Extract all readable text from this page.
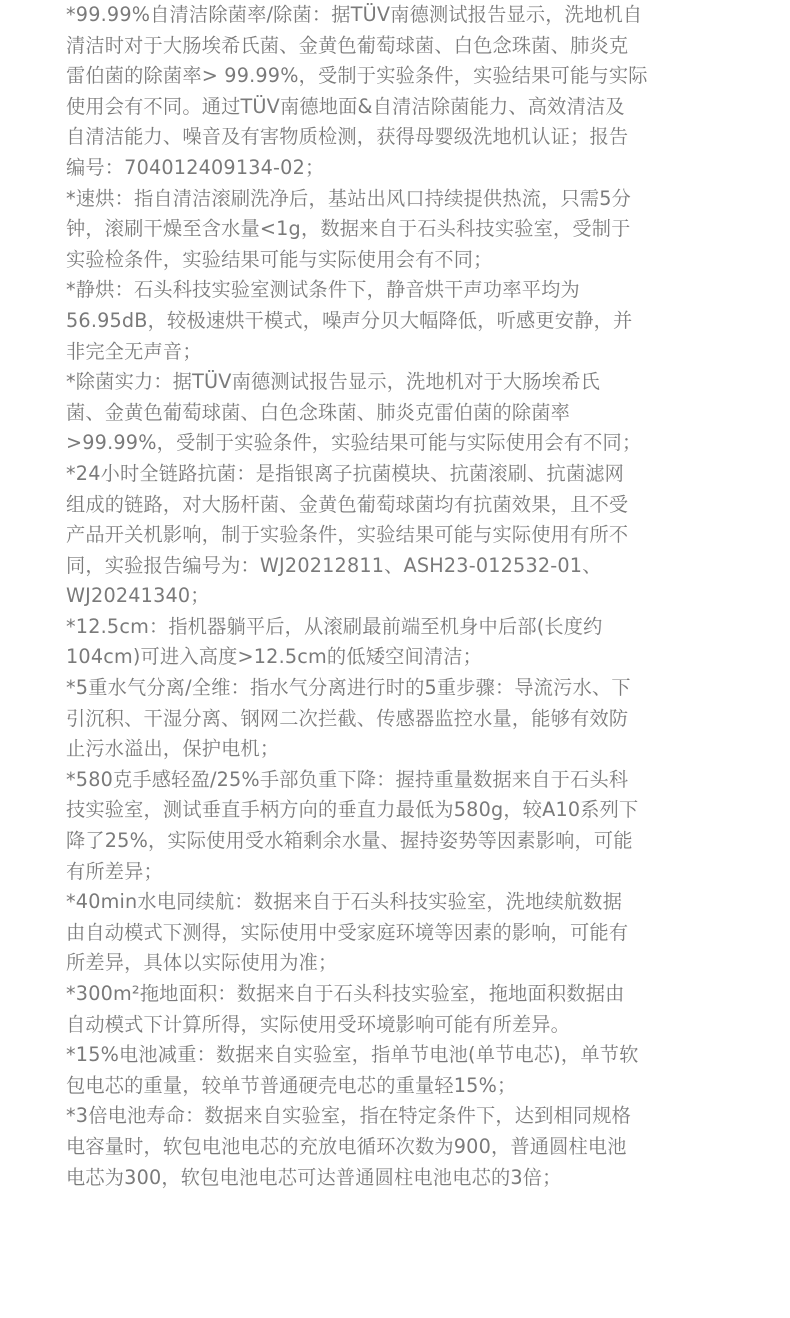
*99.99%自清洁除菌率/除菌：据TÜV南德测试报告显示，洗地机自
清洁时对于大肠埃希氏菌、金黄色葡萄球菌、白色念珠菌、肺炎克
雷伯菌的除菌率> 99.99%，受制于实验条件，实验结果可能与实际
使用会有不同。通过TÜV南德地面&自清洁除菌能力、高效清洁及
自清洁能力、噪音及有害物质检测，获得母婴级洗地机认证；报告
编号：704012409134-02；
*速烘：指自清洁滚刷洗净后，基站出风口持续提供热流，只需5分
钟，滚刷干燥至含水量<1g，数据来自于石头科技实验室，受制于
实验检条件，实验结果可能与实际使用会有不同；
*静烘：石头科技实验室测试条件下，静音烘干声功率平均为
56.95dB，较极速烘干模式，噪声分贝大幅降低，听感更安静，并
非完全无声音；
*除菌实力：据TÜV南德测试报告显示，洗地机对于大肠埃希氏
菌、金黄色葡萄球菌、白色念珠菌、肺炎克雷伯菌的除菌率
>99.99%，受制于实验条件，实验结果可能与实际使用会有不同；
*24小时全链路抗菌：是指银离子抗菌模块、抗菌滚刷、抗菌滤网
组成的链路，对大肠杆菌、金黄色葡萄球菌均有抗菌效果，且不受
产品开关机影响，制于实验条件，实验结果可能与实际使用有所不
同，实验报告编号为：WJ20212811、ASH23-012532-01、
WJ20241340；
*12.5cm：指机器躺平后，从滚刷最前端至机身中后部(长度约
104cm)可进入高度>12.5cm的低矮空间清洁；
*5重水气分离/全维：指水气分离进行时的5重步骤：导流污水、下
引沉积、干湿分离、钢网二次拦截、传感器监控水量，能够有效防
止污水溢出，保护电机；
*580克手感轻盈/25%手部负重下降：握持重量数据来自于石头科
技实验室，测试垂直手柄方向的垂直力最低为580g，较A10系列下
降了25%，实际使用受水箱剩余水量、握持姿势等因素影响，可能
有所差异；
*40min水电同续航：数据来自于石头科技实验室，洗地续航数据
由自动模式下测得，实际使用中受家庭环境等因素的影响，可能有
所差异，具体以实际使用为准；
*300m²拖地面积：数据来自于石头科技实验室，拖地面积数据由
自动模式下计算所得，实际使用受环境影响可能有所差异。
*15%电池减重：数据来自实验室，指单节电池(单节电芯)，单节软
包电芯的重量，较单节普通硬壳电芯的重量轻15%；
*3倍电池寿命：数据来自实验室，指在特定条件下，达到相同规格
电容量时，软包电池电芯的充放电循环次数为900，普通圆柱电池
电芯为300，软包电池电芯可达普通圆柱电池电芯的3倍；
